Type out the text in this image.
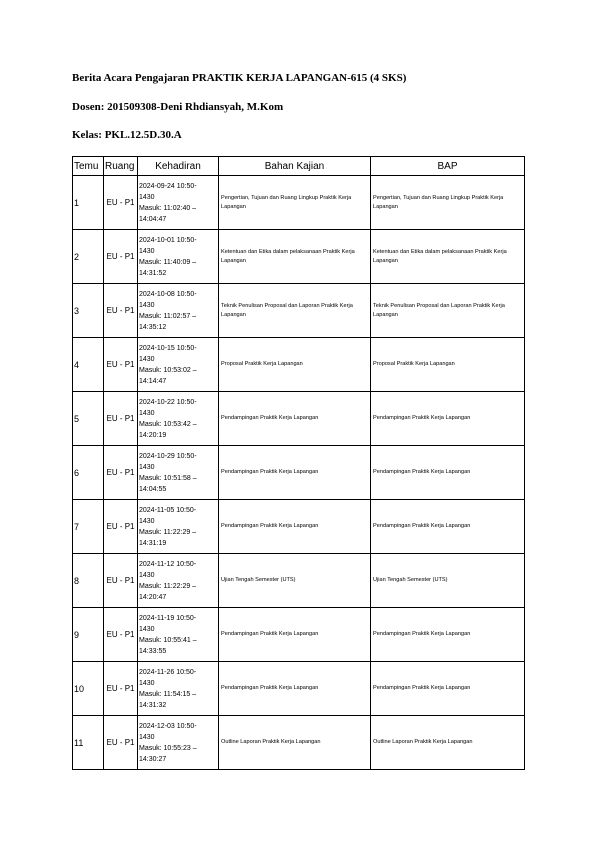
Berita Acara Pengajaran PRAKTIK KERJA LAPANGAN-615 (4 SKS)
Dosen: 201509308-Deni Rhdiansyah, M.Kom
Kelas: PKL.12.5D.30.A
Temu	Ruang	Kehadiran	Bahan Kajian	BAP
1	EU - P1	2024-09-24 10:50-
1430
Masuk: 11:02:40 –
14:04:47	Pengertian, Tujuan dan Ruang Lingkup Praktik Kerja Lapangan	Pengertian, Tujuan dan Ruang Lingkup Praktik Kerja Lapangan
2	EU - P1	2024-10-01 10:50-
1430
Masuk: 11:40:09 –
14:31:52	Ketentuan dan Etika dalam pelaksanaan Praktik Kerja Lapangan	Ketentuan dan Etika dalam pelaksanaan Praktik Kerja Lapangan
3	EU - P1	2024-10-08 10:50-
1430
Masuk: 11:02:57 –
14:35:12	Teknik Penulisan Proposal dan Laporan Praktik Kerja Lapangan	Teknik Penulisan Proposal dan Laporan Praktik Kerja Lapangan
4	EU - P1	2024-10-15 10:50-
1430
Masuk: 10:53:02 –
14:14:47	Proposal Praktik Kerja Lapangan	Proposal Praktik Kerja Lapangan
5	EU - P1	2024-10-22 10:50-
1430
Masuk: 10:53:42 –
14:20:19	Pendampingan Praktik Kerja Lapangan	Pendampingan Praktik Kerja Lapangan
6	EU - P1	2024-10-29 10:50-
1430
Masuk: 10:51:58 –
14:04:55	Pendampingan Praktik Kerja Lapangan	Pendampingan Praktik Kerja Lapangan
7	EU - P1	2024-11-05 10:50-
1430
Masuk: 11:22:29 –
14:31:19	Pendampingan Praktik Kerja Lapangan	Pendampingan Praktik Kerja Lapangan
8	EU - P1	2024-11-12 10:50-
1430
Masuk: 11:22:29 –
14:20:47	Ujian Tengah Semester (UTS)	Ujian Tengah Semester (UTS)
9	EU - P1	2024-11-19 10:50-
1430
Masuk: 10:55:41 –
14:33:55	Pendampingan Praktik Kerja Lapangan	Pendampingan Praktik Kerja Lapangan
10	EU - P1	2024-11-26 10:50-
1430
Masuk: 11:54:15 –
14:31:32	Pendampingan Praktik Kerja Lapangan	Pendampingan Praktik Kerja Lapangan
11	EU - P1	2024-12-03 10:50-
1430
Masuk: 10:55:23 –
14:30:27	Outline Laporan Praktik Kerja Lapangan	Outline Laporan Praktik Kerja Lapangan
